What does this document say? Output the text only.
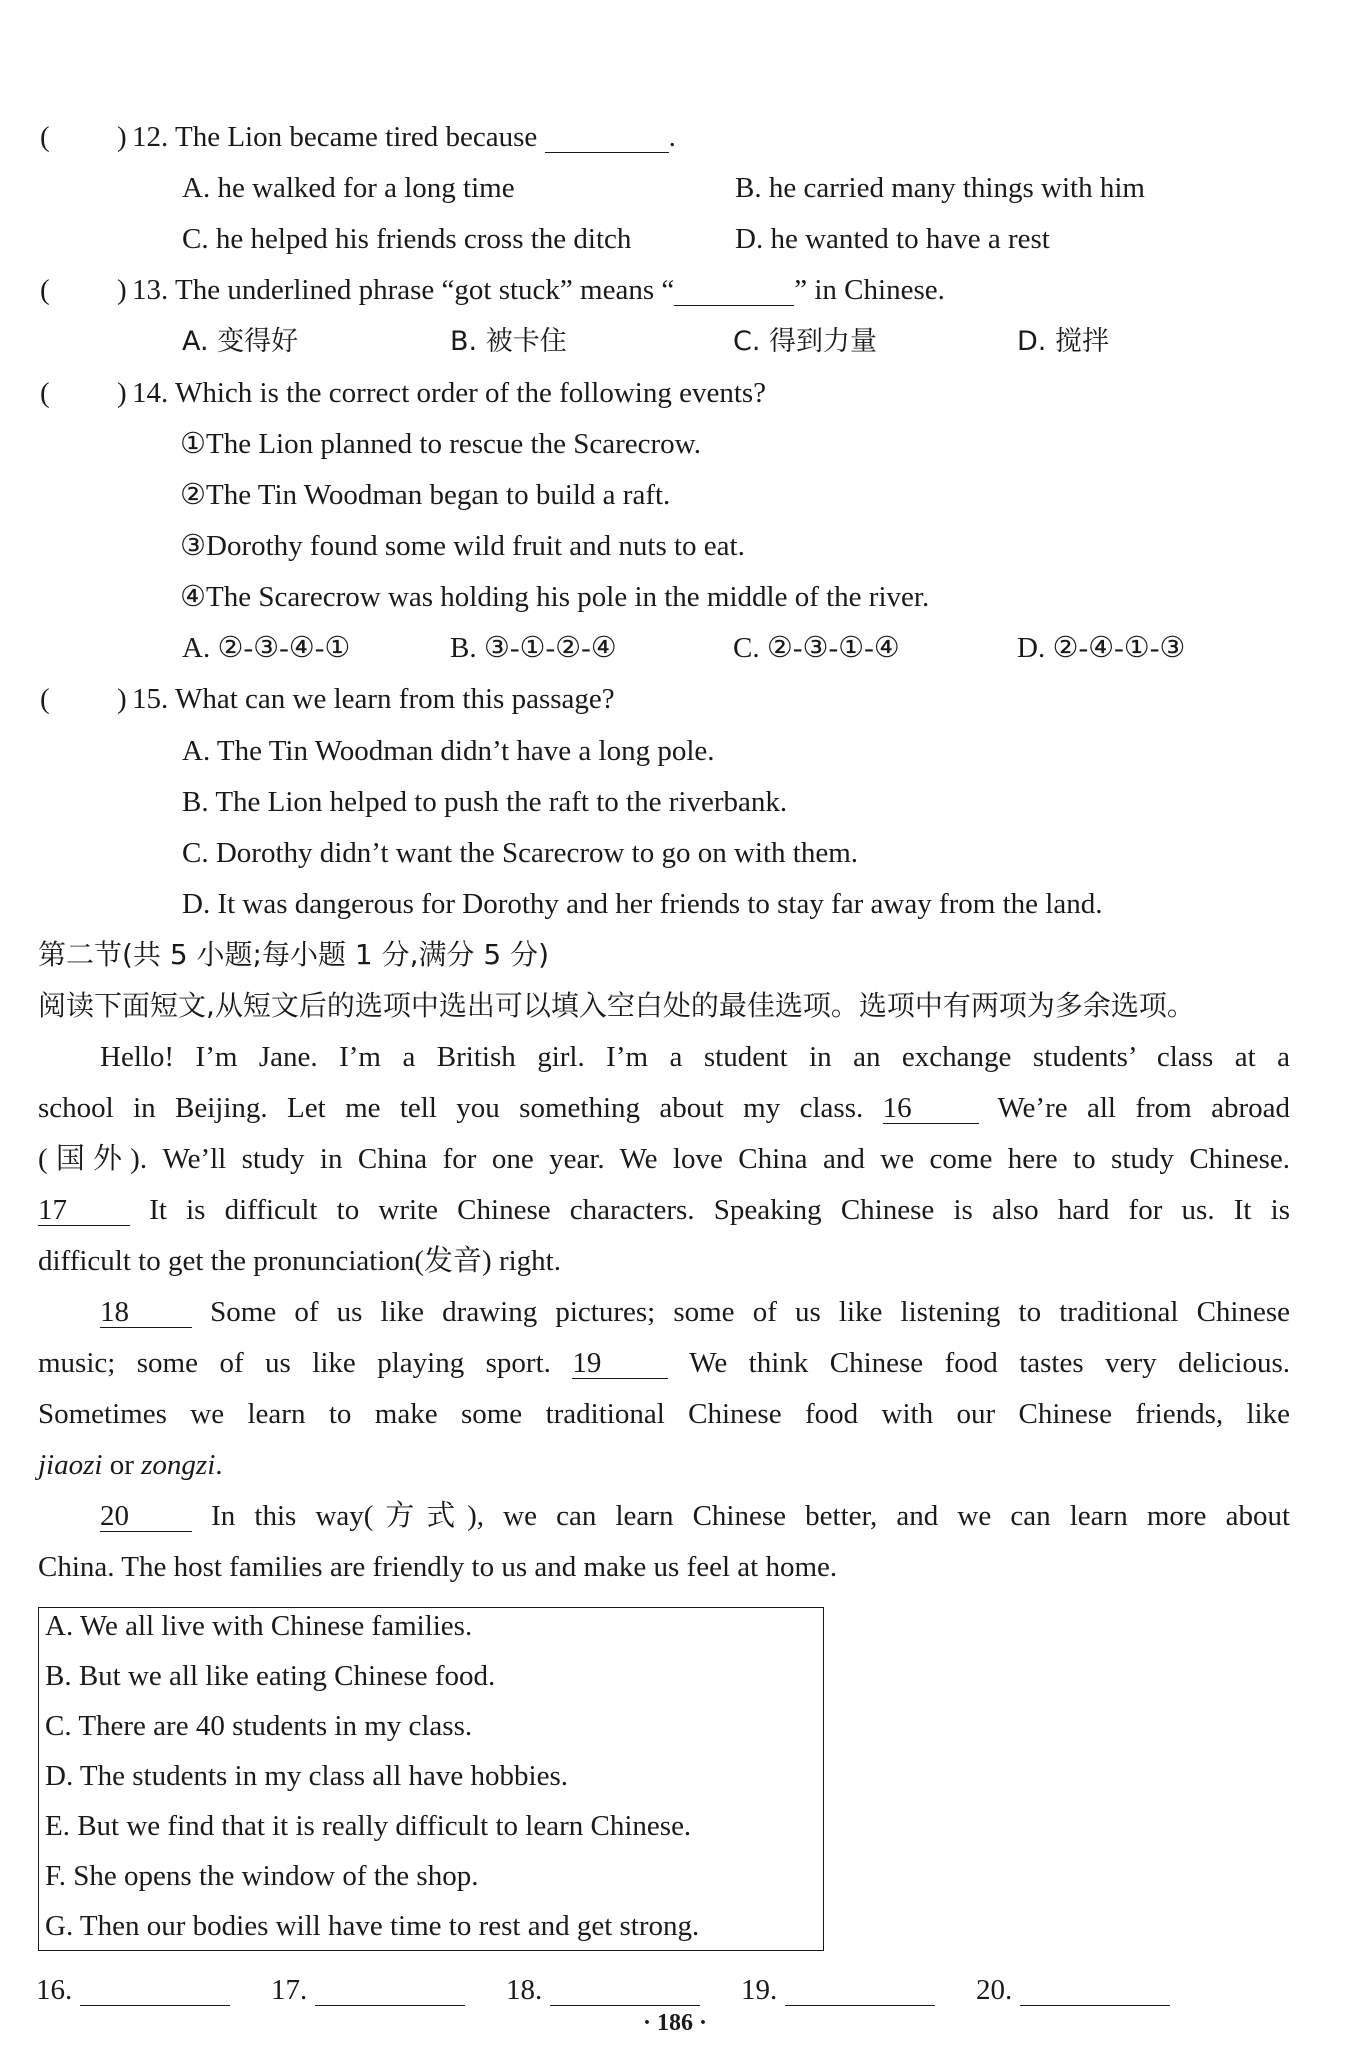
( ) 12. The Lion became tired because	.
A. he walked for a long time	B. he carried many things with him
C. he helped his friends cross the ditch	D. he wanted to have a rest
( ) 13. The underlined phrase “got stuck” means “	” in Chinese.
A. 变得好	B. 被卡住	C. 得到力量	D. 搅拌
( ) 14. Which is the correct order of the following events?
①The Lion planned to rescue the Scarecrow.
②The Tin Woodman began to build a raft.
③Dorothy found some wild fruit and nuts to eat.
④The Scarecrow was holding his pole in the middle of the river.
A. ②-③-④-①	B. ③-①-②-④	C. ②-③-①-④	D. ②-④-①-③
( ) 15. What can we learn from this passage?
A. The Tin Woodman didn’t have a long pole.
B. The Lion helped to push the raft to the riverbank.
C. Dorothy didn’t want the Scarecrow to go on with them.
D. It was dangerous for Dorothy and her friends to stay far away from the land.
第二节(共 5 小题;每小题 1 分,满分 5 分)
阅读下面短文,从短文后的选项中选出可以填入空白处的最佳选项。选项中有两项为多余选项。
Hello! I’m Jane. I’m a British girl. I’m a student in an exchange students’ class at a
school in Beijing. Let me tell you something about my class. 16	We’re all from abroad
(国外). We’ll study in China for one year. We love China and we come here to study Chinese.
17	It is difficult to write Chinese characters. Speaking Chinese is also hard for us. It is
difficult to get the pronunciation(发音) right.
18	Some of us like drawing pictures; some of us like listening to traditional Chinese
music; some of us like playing sport. 19	We think Chinese food tastes very delicious.
Sometimes we learn to make some traditional Chinese food with our Chinese friends, like
jiaozi or zongzi.
20	In this way(方式), we can learn Chinese better, and we can learn more about
China. The host families are friendly to us and make us feel at home.
A. We all live with Chinese families.
B. But we all like eating Chinese food.
C. There are 40 students in my class.
D. The students in my class all have hobbies.
E. But we find that it is really difficult to learn Chinese.
F. She opens the window of the shop.
G. Then our bodies will have time to rest and get strong.
16.	17.	18.	19.	20.
· 186 ·
